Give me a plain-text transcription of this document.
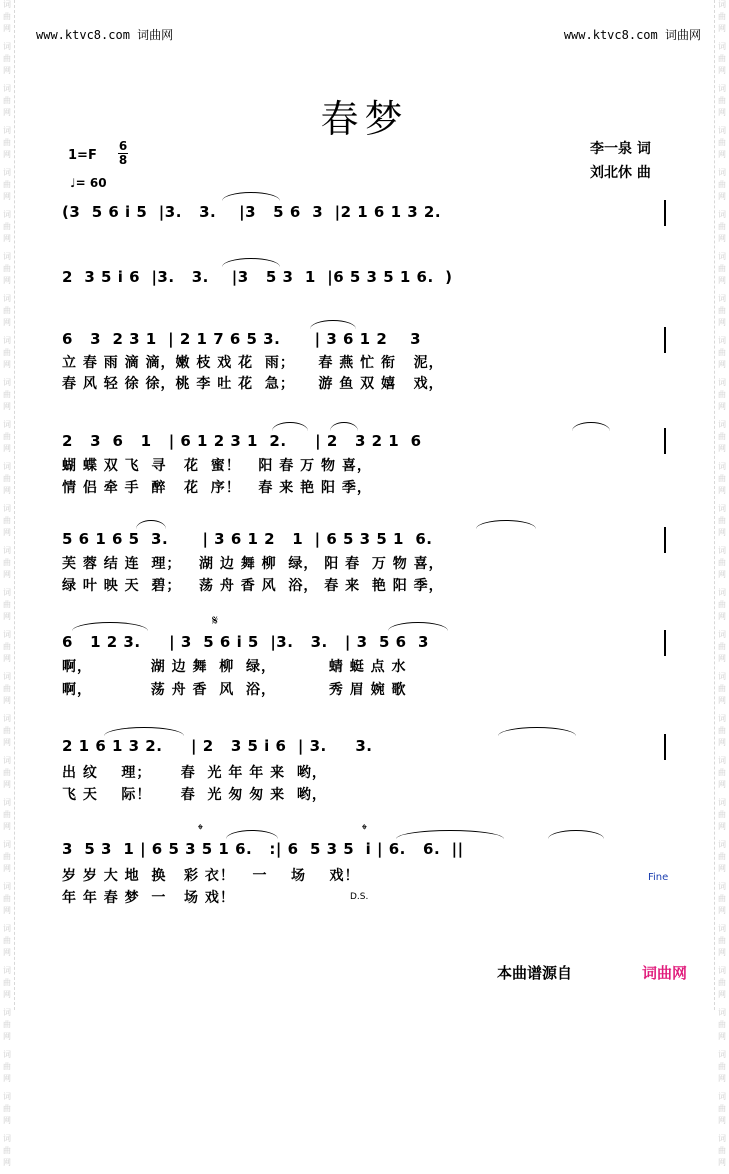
词
曲
网
词
曲
网
词
曲
网
词
曲
网
词
曲
网
词
曲
网
词
曲
网
词
曲
网
词
曲
网
词
曲
网
词
曲
网
词
曲
网
词
曲
网
词
曲
网
词
曲
网
词
曲
网
词
曲
网
词
曲
网
词
曲
网
词
曲
网
词
曲
网
词
曲
网
词
曲
网
词
曲
网
词
曲
网
词
曲
网
词
曲
网
词
曲
网
词
曲
网
词
曲
网
词
曲
网
词
曲
网
词
曲
网
词
曲
网
词
曲
网
词
曲
网
词
曲
网
词
曲
网
词
曲
网
词
曲
网
词
曲
网
词
曲
网
词
曲
网
词
曲
网
词
曲
网
词
曲
网
词
曲
网
词
曲
网
词
曲
网
词
曲
网
词
曲
网
词
曲
网
词
曲
网
词
曲
网
词
曲
网
词
曲
网
www.ktvc8.com 词曲网	www.ktvc8.com 词曲网
春梦
1=F
6
8
♩= 60
李一泉 词
刘北休 曲
(3  5 6 i 5  |3.   3.    |3   5 6  3  |2 1 6 1 3 2.
2  3 5 i 6  |3.   3.    |3   5 3  1  |6 5 3 5 1 6.  )
6   3  2 3 1  | 2 1 7 6 5 3.      | 3 6 1 2    3
立 春 雨 滴 滴，嫩 枝 戏 花  雨；    春 燕 忙 衔   泥，
春 风 轻 徐 徐，桃 李 吐 花  急；    游 鱼 双 嬉   戏，
2   3  6   1   | 6 1 2 3 1  2.     | 2   3 2 1  6
蝴 蝶 双 飞  寻   花  蜜！   阳 春 万 物 喜，
情 侣 牵 手  醉   花  序！   春 来 艳 阳 季，
5 6 1 6 5  3.      | 3 6 1 2   1  | 6 5 3 5 1  6.
芙 蓉 结 连  理；   湖 边 舞 柳  绿， 阳 春  万 物 喜，
绿 叶 映 天  碧；   荡 舟 香 风  浴， 春 来  艳 阳 季，
6   1 2 3.     | 3  5 6 i 5  |3.   3.   | 3  5 6  3
啊，          湖 边 舞  柳  绿，         蜻 蜓 点 水
啊，          荡 舟 香  风  浴，         秀 眉 婉 歌
2 1 6 1 3 2.     | 2   3 5 i 6  | 3.     3.
出 纹    理；     春  光 年 年 来  哟，
飞 天    际！     春  光 匆 匆 来  哟，
3  5 3  1 | 6 5 3 5 1 6.   :| 6  5 3 5  i | 6.   6.  ||
岁 岁 大 地  换   彩 衣！   一    场    戏！
年 年 春 梦  一   场 戏！
𝄋
𝄌	𝄌
Fine
D.S.
本曲谱源自	词曲网
